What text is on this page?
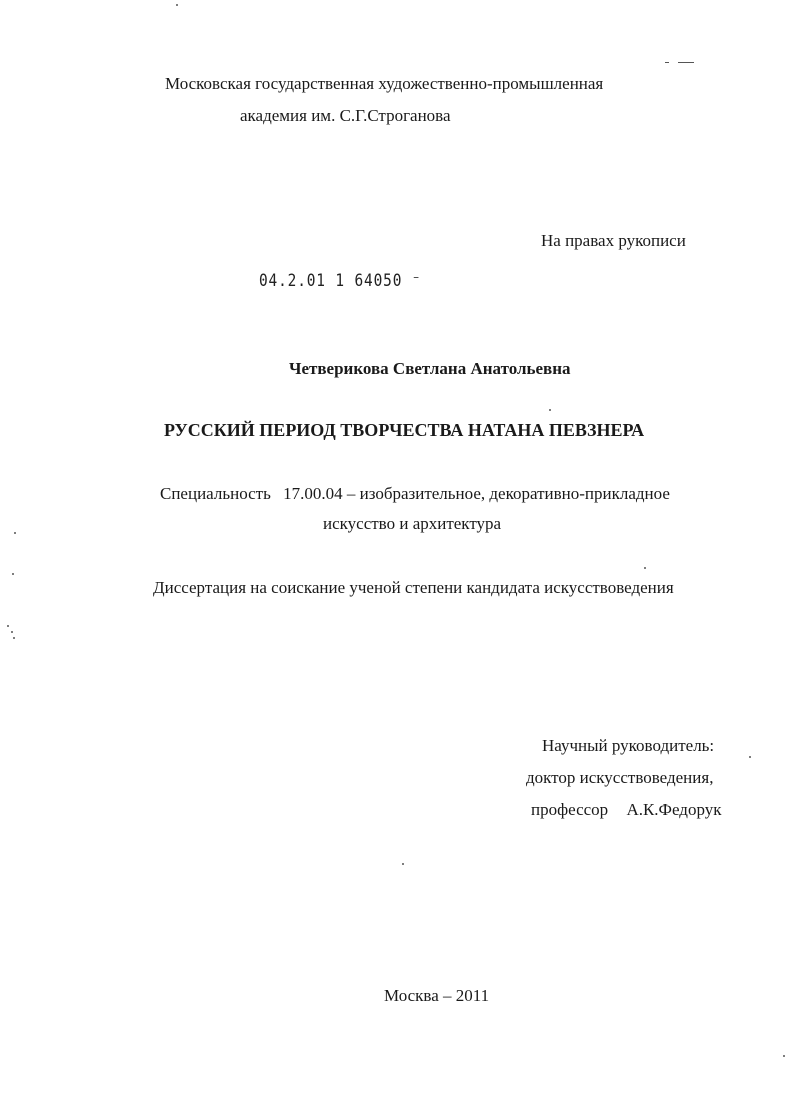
Московская государственная художественно-промышленная
академия им. С.Г.Строганова
На правах рукописи
04.2.01 1 64050 ⁻
Четверикова Светлана Анатольевна
РУССКИЙ ПЕРИОД ТВОРЧЕСТВА НАТАНА ПЕВЗНЕРА
Специальность 17.00.04 – изобразительное, декоративно-прикладное
искусство и архитектура
Диссертация на соискание ученой степени кандидата искусствоведения
Научный руководитель:
доктор искусствоведения,
профессор А.К.Федорук
Москва – 2011
